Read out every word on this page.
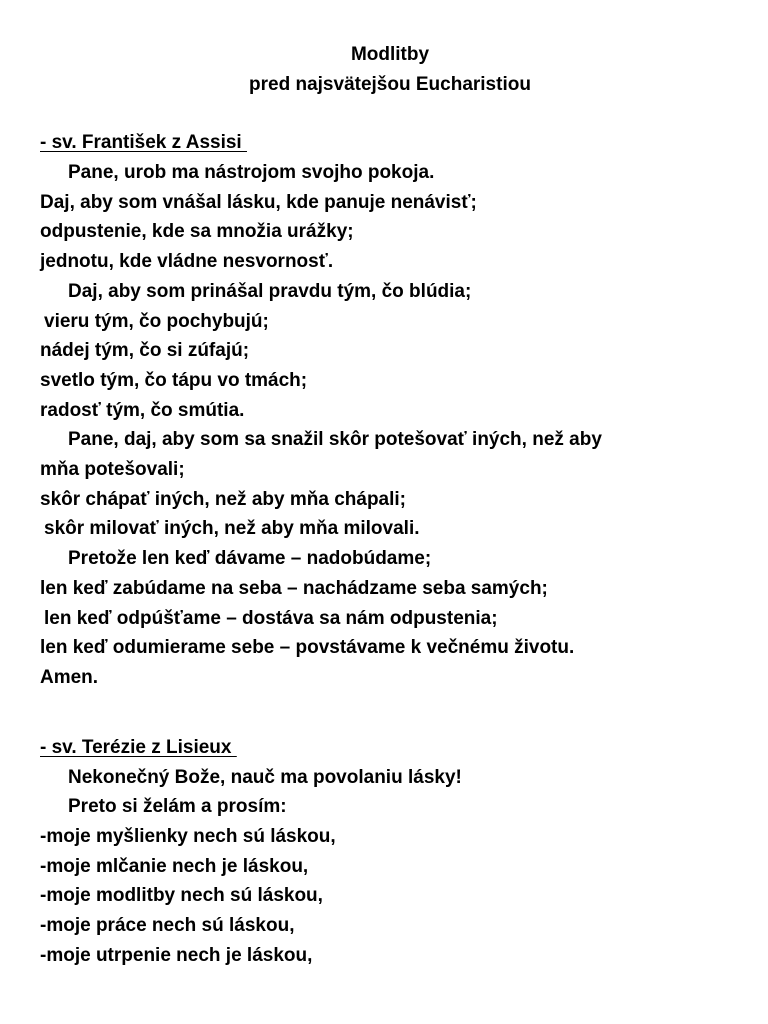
Modlitby

pred najsvätejšou Eucharistiou

- sv. František z Assisi

Pane, urob ma nástrojom svojho pokoja.

Daj, aby som vnášal lásku, kde panuje nenávisť;

odpustenie, kde sa množia urážky;

jednotu, kde vládne nesvornosť.

Daj, aby som prinášal pravdu tým, čo blúdia;

vieru tým, čo pochybujú;

nádej tým, čo si zúfajú;

svetlo tým, čo tápu vo tmách;

radosť tým, čo smútia.

Pane, daj, aby som sa snažil skôr potešovať iných, než aby

mňa potešovali;

skôr chápať iných, než aby mňa chápali;

skôr milovať iných, než aby mňa milovali.

Pretože len keď dávame – nadobúdame;

len keď zabúdame na seba – nachádzame seba samých;

len keď odpúšťame – dostáva sa nám odpustenia;

len keď odumierame sebe – povstávame k večnému životu.

Amen.

- sv. Terézie z Lisieux

Nekonečný Bože, nauč ma povolaniu lásky!

Preto si želám a prosím:

-moje myšlienky nech sú láskou,

-moje mlčanie nech je láskou,

-moje modlitby nech sú láskou,

-moje práce nech sú láskou,

-moje utrpenie nech je láskou,
